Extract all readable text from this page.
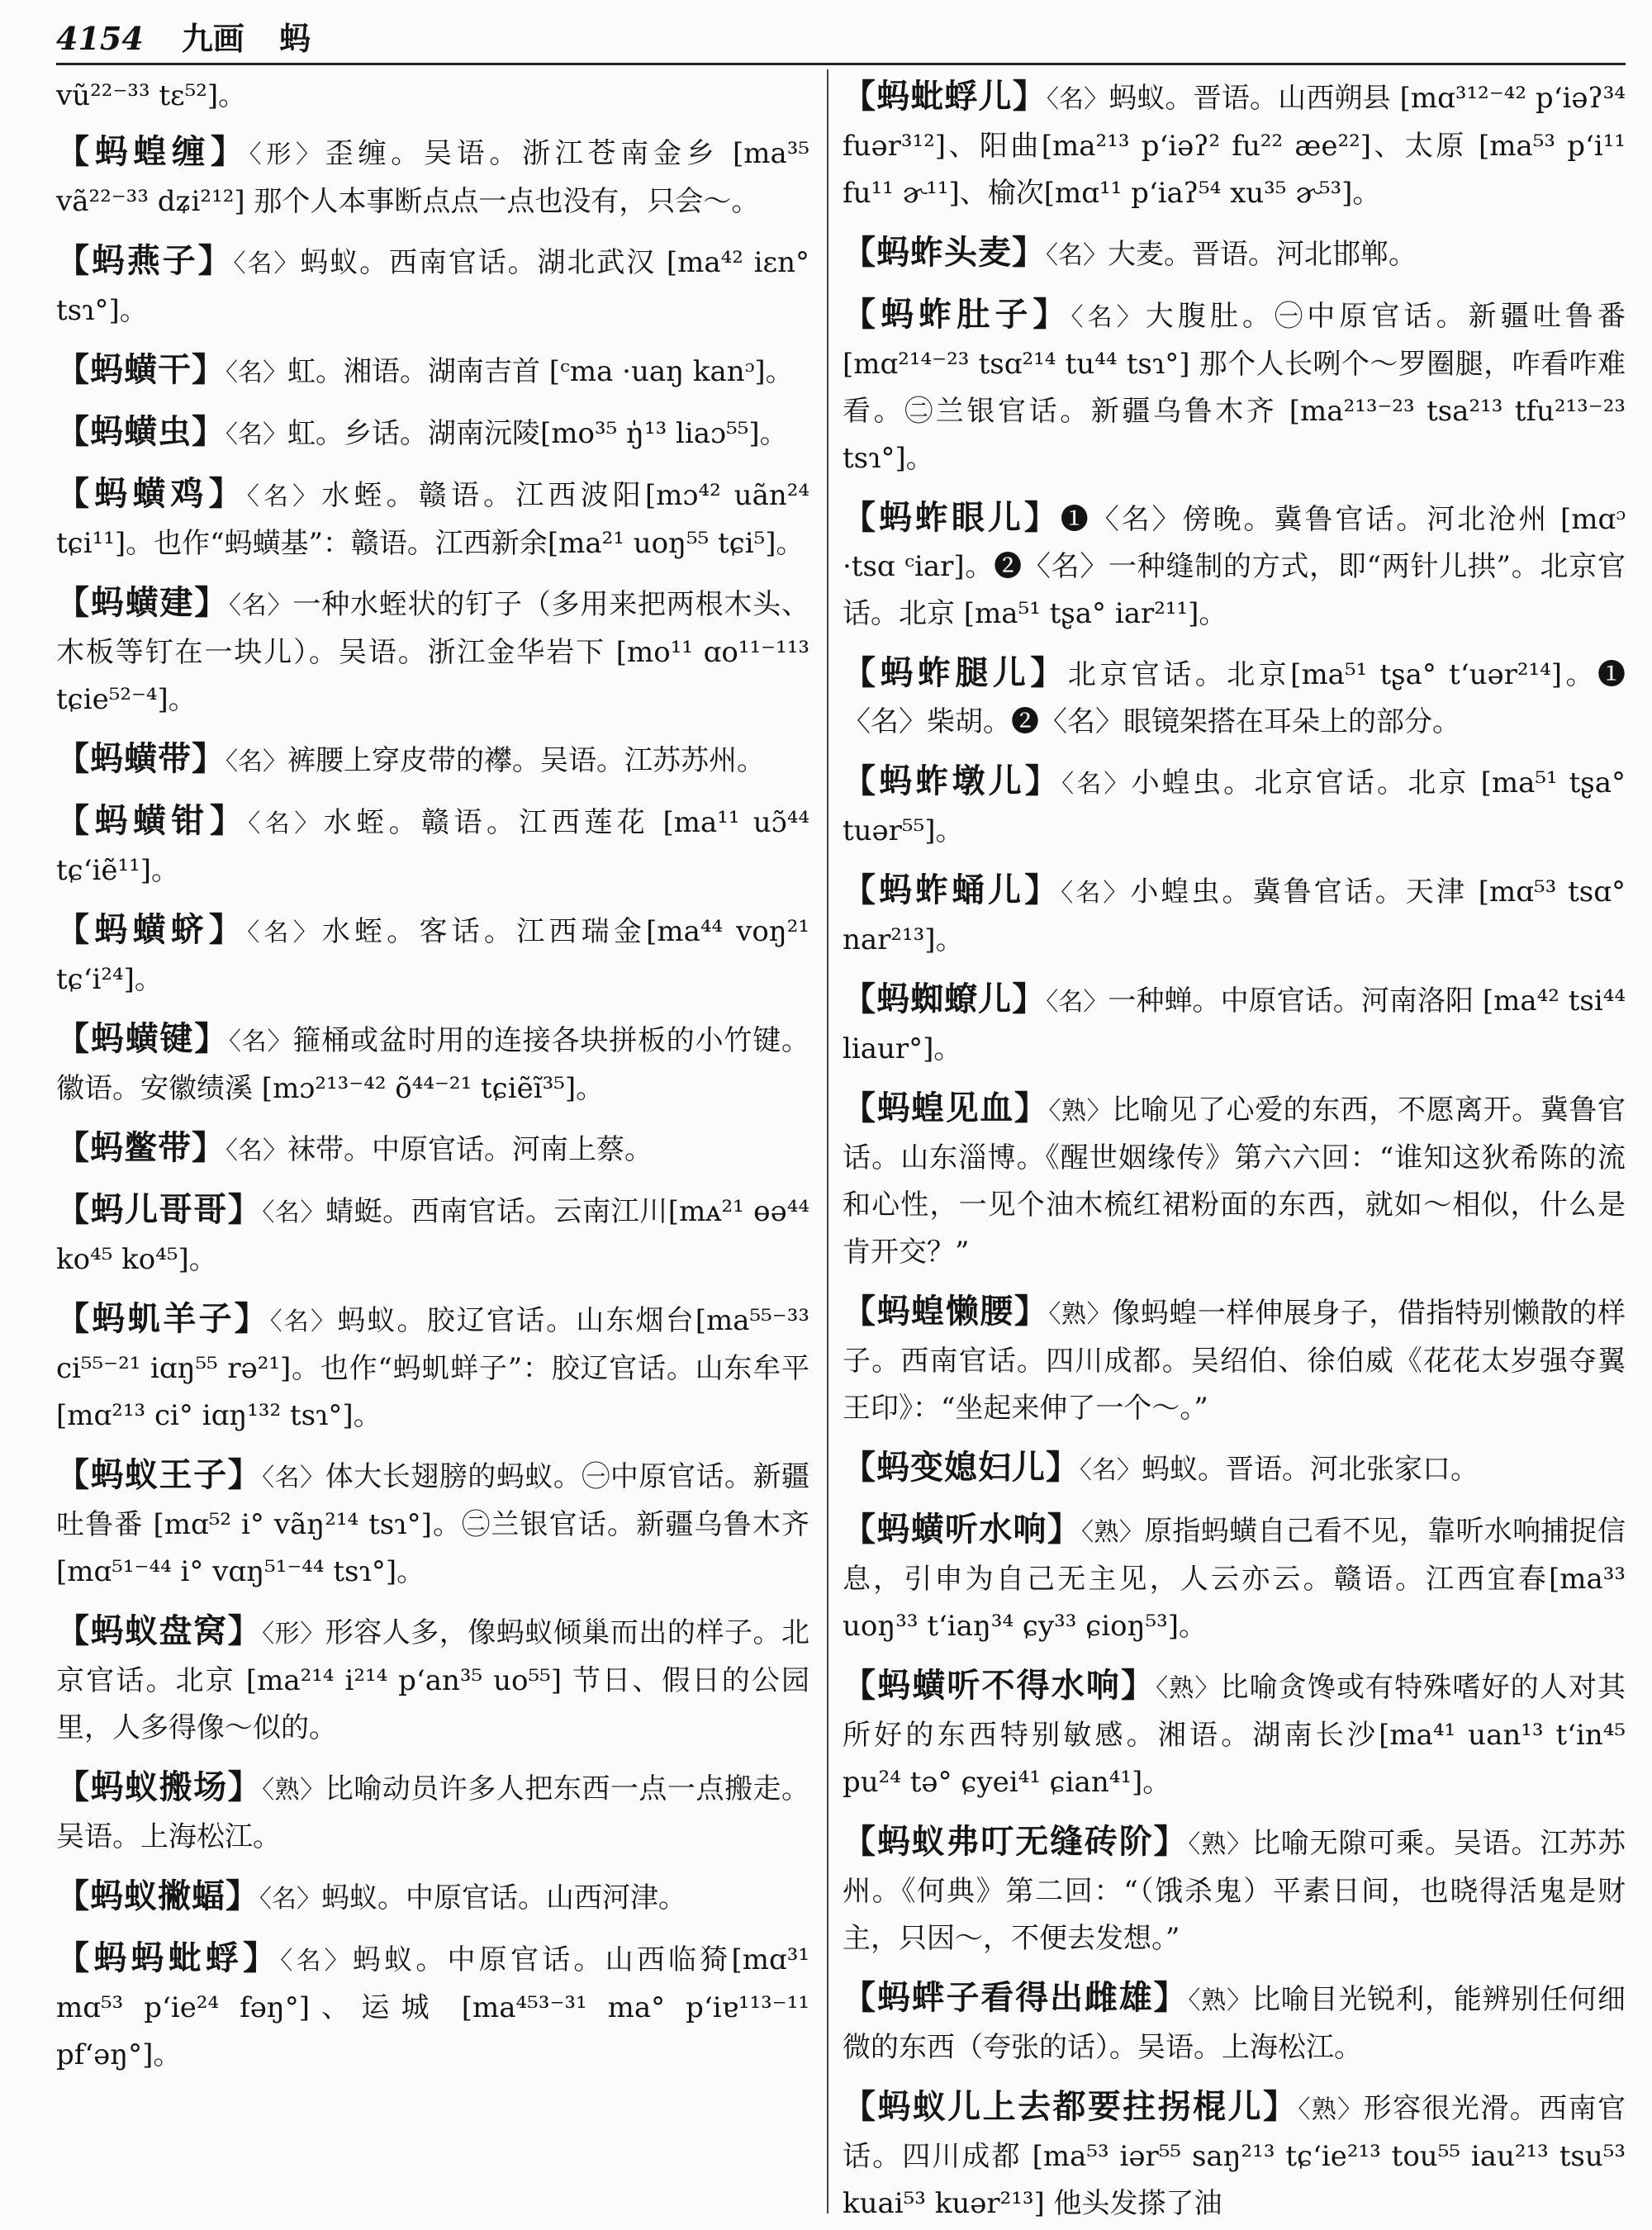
4154 九画 蚂
vũ²²⁻³³ tɛ⁵²]。
【蚂蝗缠】〈形〉歪缠。吴语。浙江苍南金乡 [ma³⁵ vã²²⁻³³ dʑi²¹²] 那个人本事断点点一点也没有，只会～。
【蚂燕子】〈名〉蚂蚁。西南官话。湖北武汉 [ma⁴² iɛn° tsɿ°]。
【蚂蟥干】〈名〉虹。湘语。湖南吉首 [ᶜma ·uaŋ kanᵓ]。
【蚂蟥虫】〈名〉虹。乡话。湖南沅陵[mo³⁵ ŋ̍¹³ liaɔ⁵⁵]。
【蚂蟥鸡】〈名〉水蛭。赣语。江西波阳[mɔ⁴² uãn²⁴ tɕi¹¹]。也作“蚂蟥基”：赣语。江西新余[ma²¹ uoŋ⁵⁵ tɕi⁵]。
【蚂蟥建】〈名〉一种水蛭状的钉子（多用来把两根木头、木板等钉在一块儿）。吴语。浙江金华岩下 [mo¹¹ ɑo¹¹⁻¹¹³ tɕie⁵²⁻⁴]。
【蚂蟥带】〈名〉裤腰上穿皮带的襻。吴语。江苏苏州。
【蚂蟥钳】〈名〉水蛭。赣语。江西莲花 [ma¹¹ uɔ̃⁴⁴ tɕʻiẽ¹¹]。
【蚂蟥蛴】〈名〉水蛭。客话。江西瑞金[ma⁴⁴ voŋ²¹ tɕʻi²⁴]。
【蚂蟥键】〈名〉箍桶或盆时用的连接各块拼板的小竹键。徽语。安徽绩溪 [mɔ²¹³⁻⁴² õ⁴⁴⁻²¹ tɕiẽĩ³⁵]。
【蚂鳖带】〈名〉袜带。中原官话。河南上蔡。
【蚂儿哥哥】〈名〉蜻蜓。西南官话。云南江川[mᴀ²¹ ɵə⁴⁴ ko⁴⁵ ko⁴⁵]。
【蚂虮羊子】〈名〉蚂蚁。胶辽官话。山东烟台[ma⁵⁵⁻³³ ci⁵⁵⁻²¹ iɑŋ⁵⁵ rə²¹]。也作“蚂虮蛘子”：胶辽官话。山东牟平 [mɑ²¹³ ci° iɑŋ¹³² tsɿ°]。
【蚂蚁王子】〈名〉体大长翅膀的蚂蚁。㊀中原官话。新疆吐鲁番 [mɑ⁵² i° vãŋ²¹⁴ tsɿ°]。㊁兰银官话。新疆乌鲁木齐 [mɑ⁵¹⁻⁴⁴ i° vɑŋ⁵¹⁻⁴⁴ tsɿ°]。
【蚂蚁盘窝】〈形〉形容人多，像蚂蚁倾巢而出的样子。北京官话。北京 [ma²¹⁴ i²¹⁴ pʻan³⁵ uo⁵⁵] 节日、假日的公园里，人多得像～似的。
【蚂蚁搬场】〈熟〉比喻动员许多人把东西一点一点搬走。吴语。上海松江。
【蚂蚁撇蝠】〈名〉蚂蚁。中原官话。山西河津。
【蚂蚂蚍蜉】〈名〉蚂蚁。中原官话。山西临猗[mɑ³¹ mɑ⁵³ pʻie²⁴ fəŋ°]、运城 [ma⁴⁵³⁻³¹ ma° pʻiɐ¹¹³⁻¹¹ pfʻəŋ°]。
【蚂蚍蜉儿】〈名〉蚂蚁。晋语。山西朔县 [mɑ³¹²⁻⁴² pʻiəʔ³⁴ fuər³¹²]、阳曲[ma²¹³ pʻiəʔ² fu²² æe²²]、太原 [ma⁵³ pʻi¹¹ fu¹¹ ɚ¹¹]、榆次[mɑ¹¹ pʻiaʔ⁵⁴ xu³⁵ ɚ⁵³]。
【蚂蚱头麦】〈名〉大麦。晋语。河北邯郸。
【蚂蚱肚子】〈名〉大腹肚。㊀中原官话。新疆吐鲁番 [mɑ²¹⁴⁻²³ tsɑ²¹⁴ tu⁴⁴ tsɿ°] 那个人长咧个～罗圈腿，咋看咋难看。㊁兰银官话。新疆乌鲁木齐 [ma²¹³⁻²³ tsa²¹³ tfu²¹³⁻²³ tsɿ°]。
【蚂蚱眼儿】❶〈名〉傍晚。冀鲁官话。河北沧州 [mɑᵓ ·tsɑ ᶜiar]。❷〈名〉一种缝制的方式，即“两针儿拱”。北京官话。北京 [ma⁵¹ tʂa° iar²¹¹]。
【蚂蚱腿儿】北京官话。北京[ma⁵¹ tʂa° tʻuər²¹⁴]。❶〈名〉柴胡。❷〈名〉眼镜架搭在耳朵上的部分。
【蚂蚱墩儿】〈名〉小蝗虫。北京官话。北京 [ma⁵¹ tʂa° tuər⁵⁵]。
【蚂蚱蛹儿】〈名〉小蝗虫。冀鲁官话。天津 [mɑ⁵³ tsɑ° nar²¹³]。
【蚂蜘蟟儿】〈名〉一种蝉。中原官话。河南洛阳 [ma⁴² tsi⁴⁴ liaur°]。
【蚂蝗见血】〈熟〉比喻见了心爱的东西，不愿离开。冀鲁官话。山东淄博。《醒世姻缘传》第六六回：“谁知这狄希陈的流和心性，一见个油木梳红裙粉面的东西，就如～相似，什么是肯开交？”
【蚂蝗懒腰】〈熟〉像蚂蝗一样伸展身子，借指特别懒散的样子。西南官话。四川成都。吴绍伯、徐伯威《花花太岁强夺翼王印》：“坐起来伸了一个～。”
【蚂变媳妇儿】〈名〉蚂蚁。晋语。河北张家口。
【蚂蟥听水响】〈熟〉原指蚂蟥自己看不见，靠听水响捕捉信息，引申为自己无主见，人云亦云。赣语。江西宜春[ma³³ uoŋ³³ tʻiaŋ³⁴ ɕy³³ ɕioŋ⁵³]。
【蚂蟥听不得水响】〈熟〉比喻贪馋或有特殊嗜好的人对其所好的东西特别敏感。湘语。湖南长沙[ma⁴¹ uan¹³ tʻin⁴⁵ pu²⁴ tə° ɕyei⁴¹ ɕian⁴¹]。
【蚂蚁弗叮无缝砖阶】〈熟〉比喻无隙可乘。吴语。江苏苏州。《何典》第二回：“（饿杀鬼）平素日间，也晓得活鬼是财主，只因～，不便去发想。”
【蚂蝆子看得出雌雄】〈熟〉比喻目光锐利，能辨别任何细微的东西（夸张的话）。吴语。上海松江。
【蚂蚁儿上去都要拄拐棍儿】〈熟〉形容很光滑。西南官话。四川成都 [ma⁵³ iər⁵⁵ saŋ²¹³ tɕʻie²¹³ tou⁵⁵ iau²¹³ tsu⁵³ kuai⁵³ kuər²¹³] 他头发搽了油
